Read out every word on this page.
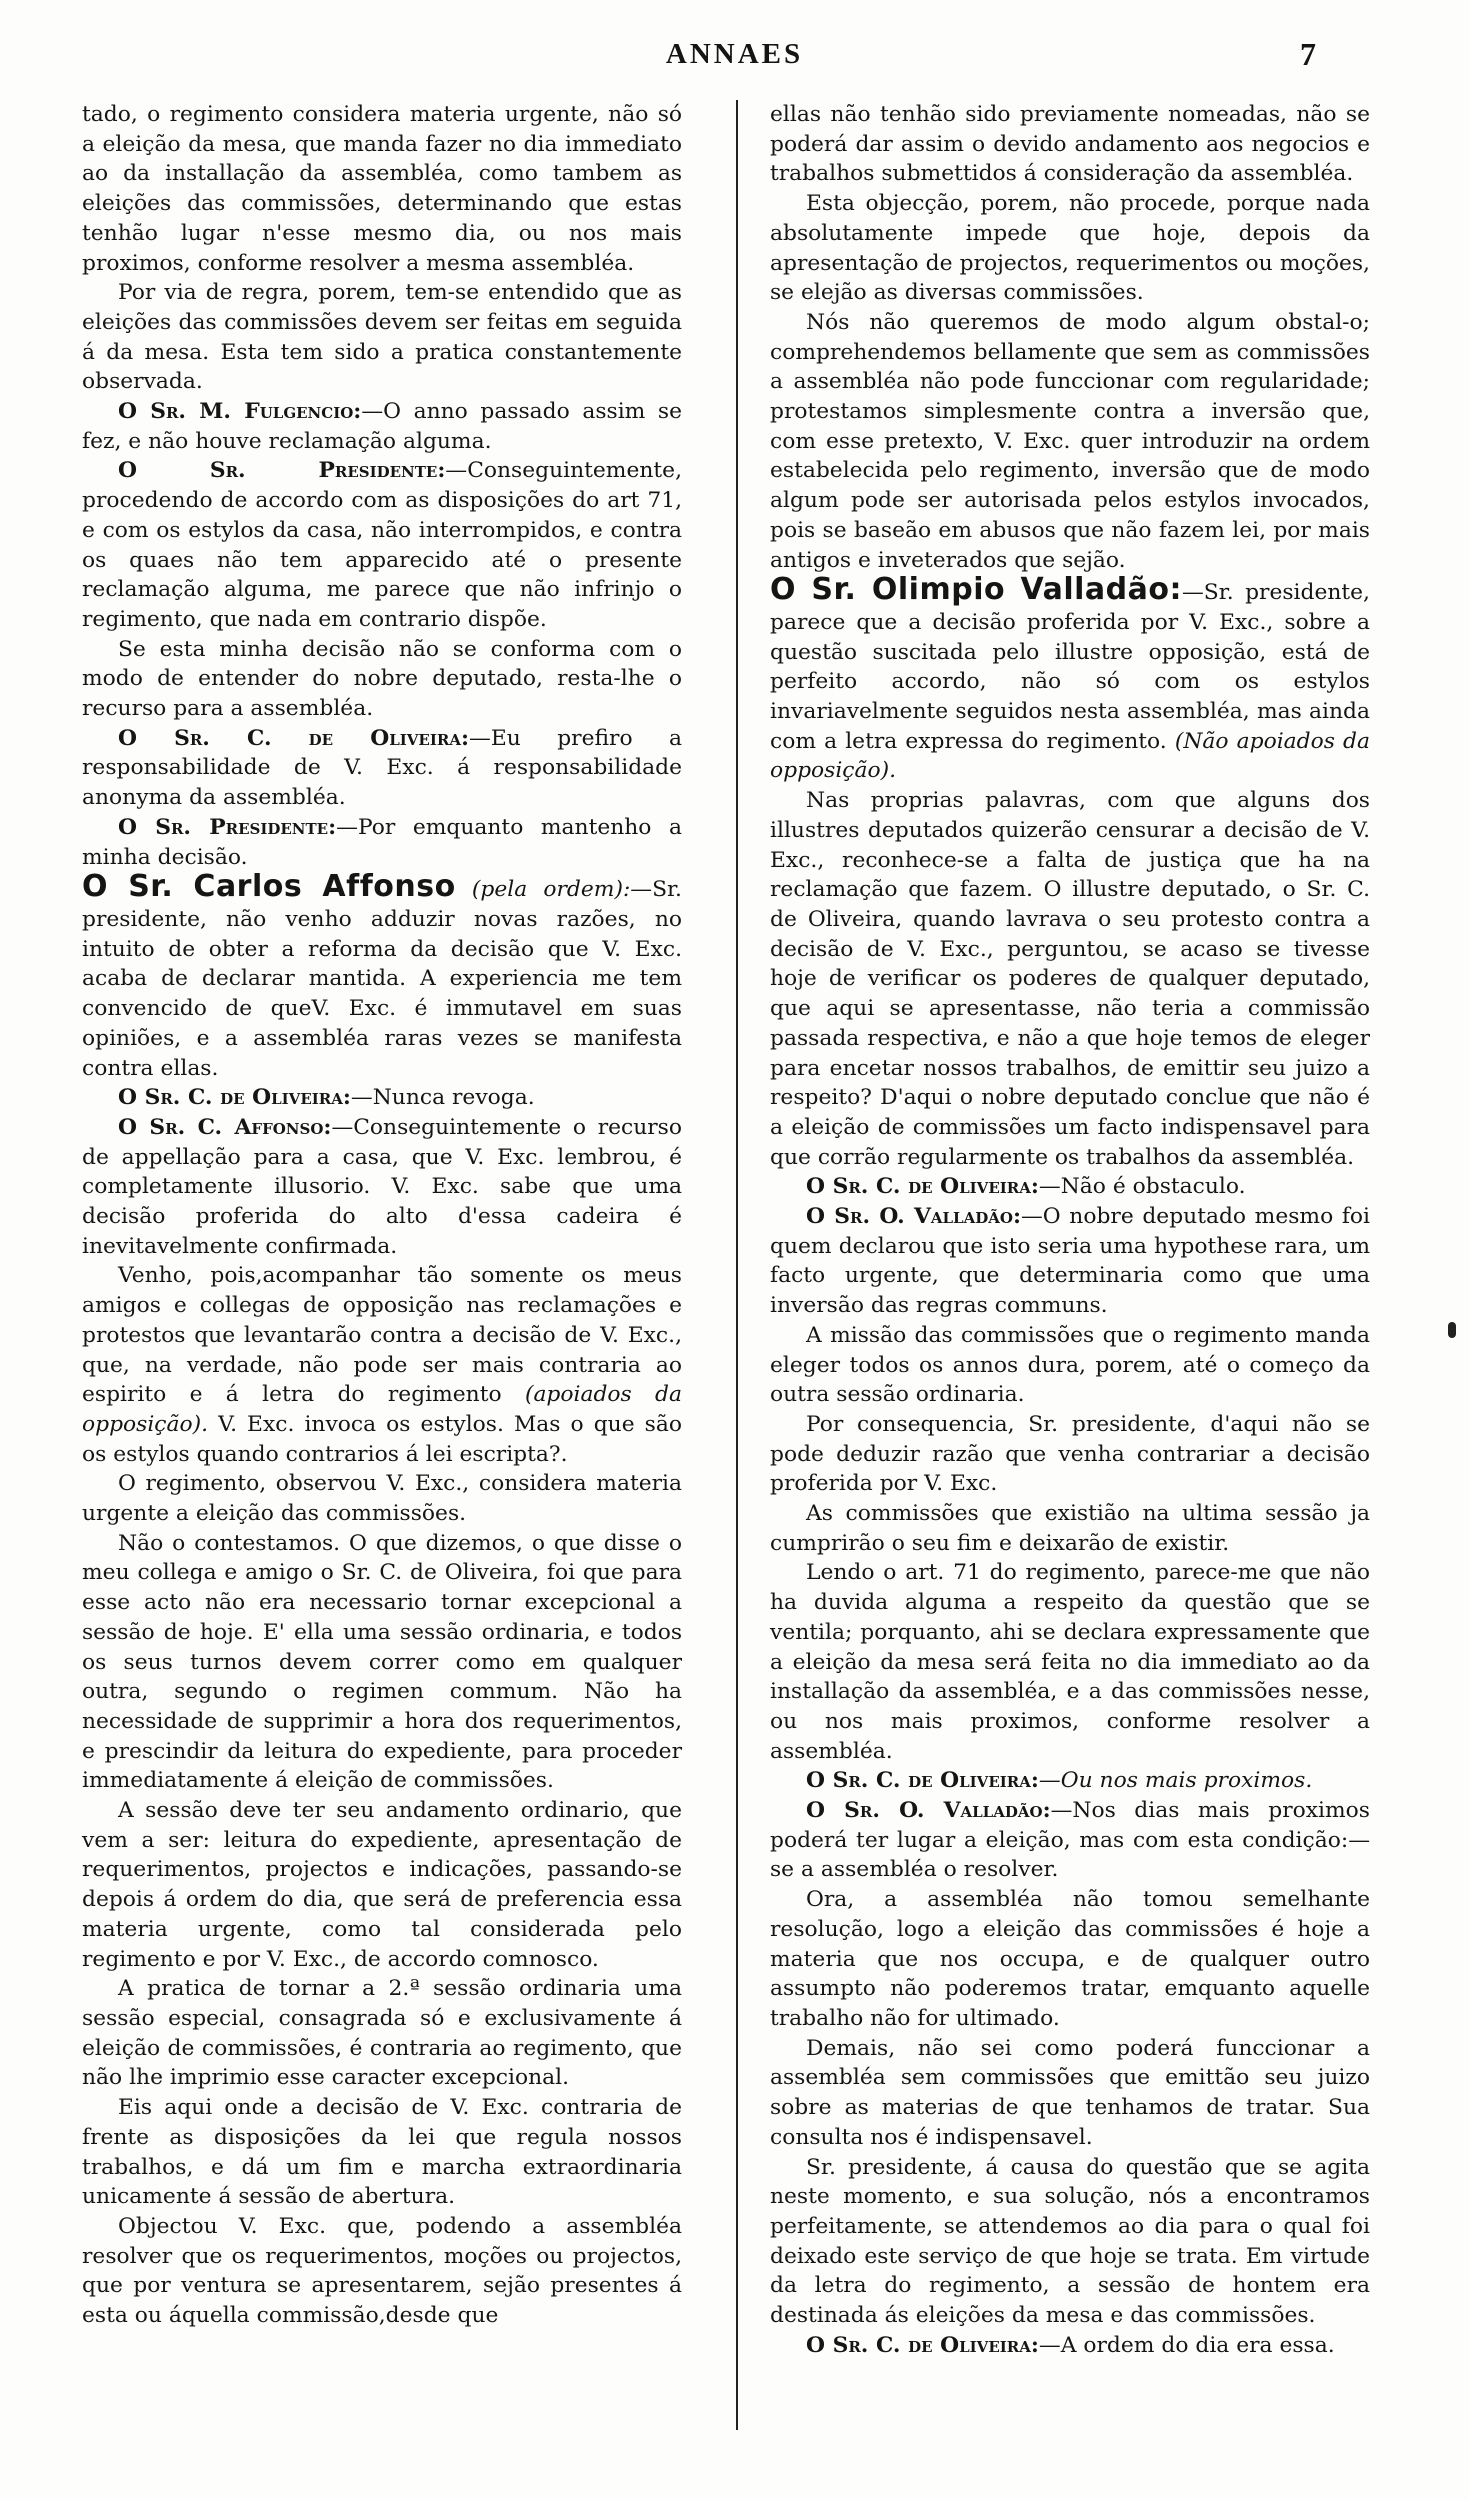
ANNAES	7

tado, o regimento considera materia urgente, não só a eleição da mesa, que manda fazer no dia immediato ao da installação da assembléa, como tambem as eleições das commissões, determinando que estas tenhão lugar n'esse mesmo dia, ou nos mais proximos, conforme resolver a mesma assembléa.

Por via de regra, porem, tem-se entendido que as eleições das commissões devem ser feitas em seguida á da mesa. Esta tem sido a pratica constantemente observada.

O Sr. M. Fulgencio:—O anno passado assim se fez, e não houve reclamação alguma.

O Sr. Presidente:—Conseguintemente, procedendo de accordo com as disposições do art 71, e com os estylos da casa, não interrompidos, e contra os quaes não tem apparecido até o presente reclamação alguma, me parece que não infrinjo o regimento, que nada em contrario dispõe.

Se esta minha decisão não se conforma com o modo de entender do nobre deputado, resta-lhe o recurso para a assembléa.

O Sr. C. de Oliveira:—Eu prefiro a responsabilidade de V. Exc. á responsabilidade anonyma da assembléa.

O Sr. Presidente:—Por emquanto mantenho a minha decisão.

O Sr. Carlos Affonso (pela ordem):—Sr. presidente, não venho adduzir novas razões, no intuito de obter a reforma da decisão que V. Exc. acaba de declarar mantida. A experiencia me tem convencido de queV. Exc. é immutavel em suas opiniões, e a assembléa raras vezes se manifesta contra ellas.

O Sr. C. de Oliveira:—Nunca revoga.

O Sr. C. Affonso:—Conseguintemente o recurso de appellação para a casa, que V. Exc. lembrou, é completamente illusorio. V. Exc. sabe que uma decisão proferida do alto d'essa cadeira é inevitavelmente confirmada.

Venho, pois,acompanhar tão somente os meus amigos e collegas de opposição nas reclamações e protestos que levantarão contra a decisão de V. Exc., que, na verdade, não pode ser mais contraria ao espirito e á letra do regimento (apoiados da opposição). V. Exc. invoca os estylos. Mas o que são os estylos quando contrarios á lei escripta?.

O regimento, observou V. Exc., considera materia urgente a eleição das commissões.

Não o contestamos. O que dizemos, o que disse o meu collega e amigo o Sr. C. de Oliveira, foi que para esse acto não era necessario tornar excepcional a sessão de hoje. E' ella uma sessão ordinaria, e todos os seus turnos devem correr como em qualquer outra, segundo o regimen commum. Não ha necessidade de supprimir a hora dos requerimentos, e prescindir da leitura do expediente, para proceder immediatamente á eleição de commissões.

A sessão deve ter seu andamento ordinario, que vem a ser: leitura do expediente, apresentação de requerimentos, projectos e indicações, passando-se depois á ordem do dia, que será de preferencia essa materia urgente, como tal considerada pelo regimento e por V. Exc., de accordo comnosco.

A pratica de tornar a 2.ª sessão ordinaria uma sessão especial, consagrada só e exclusivamente á eleição de commissões, é contraria ao regimento, que não lhe imprimio esse caracter excepcional.

Eis aqui onde a decisão de V. Exc. contraria de frente as disposições da lei que regula nossos trabalhos, e dá um fim e marcha extraordinaria unicamente á sessão de abertura.

Objectou V. Exc. que, podendo a assembléa resolver que os requerimentos, moções ou projectos, que por ventura se apresentarem, sejão presentes á esta ou áquella commissão,desde que

ellas não tenhão sido previamente nomeadas, não se poderá dar assim o devido andamento aos negocios e trabalhos submettidos á consideração da assembléa.

Esta objecção, porem, não procede, porque nada absolutamente impede que hoje, depois da apresentação de projectos, requerimentos ou moções, se elejão as diversas commissões.

Nós não queremos de modo algum obstal-o; comprehendemos bellamente que sem as commissões a assembléa não pode funccionar com regularidade; protestamos simplesmente contra a inversão que, com esse pretexto, V. Exc. quer introduzir na ordem estabelecida pelo regimento, inversão que de modo algum pode ser autorisada pelos estylos invocados, pois se baseão em abusos que não fazem lei, por mais antigos e inveterados que sejão.

O Sr. Olimpio Valladão:—Sr. presidente, parece que a decisão proferida por V. Exc., sobre a questão suscitada pelo illustre opposição, está de perfeito accordo, não só com os estylos invariavelmente seguidos nesta assembléa, mas ainda com a letra expressa do regimento. (Não apoiados da opposição).

Nas proprias palavras, com que alguns dos illustres deputados quizerão censurar a decisão de V. Exc., reconhece-se a falta de justiça que ha na reclamação que fazem. O illustre deputado, o Sr. C. de Oliveira, quando lavrava o seu protesto contra a decisão de V. Exc., perguntou, se acaso se tivesse hoje de verificar os poderes de qualquer deputado, que aqui se apresentasse, não teria a commissão passada respectiva, e não a que hoje temos de eleger para encetar nossos trabalhos, de emittir seu juizo a respeito? D'aqui o nobre deputado conclue que não é a eleição de commissões um facto indispensavel para que corrão regularmente os trabalhos da assembléa.

O Sr. C. de Oliveira:—Não é obstaculo.

O Sr. O. Valladão:—O nobre deputado mesmo foi quem declarou que isto seria uma hypothese rara, um facto urgente, que determinaria como que uma inversão das regras communs.

A missão das commissões que o regimento manda eleger todos os annos dura, porem, até o começo da outra sessão ordinaria.

Por consequencia, Sr. presidente, d'aqui não se pode deduzir razão que venha contrariar a decisão proferida por V. Exc.

As commissões que existião na ultima sessão ja cumprirão o seu fim e deixarão de existir.

Lendo o art. 71 do regimento, parece-me que não ha duvida alguma a respeito da questão que se ventila; porquanto, ahi se declara expressamente que a eleição da mesa será feita no dia immediato ao da installação da assembléa, e a das commissões nesse, ou nos mais proximos, conforme resolver a assembléa.

O Sr. C. de Oliveira:—Ou nos mais proximos.

O Sr. O. Valladão:—Nos dias mais proximos poderá ter lugar a eleição, mas com esta condição:—se a assembléa o resolver.

Ora, a assembléa não tomou semelhante resolução, logo a eleição das commissões é hoje a materia que nos occupa, e de qualquer outro assumpto não poderemos tratar, emquanto aquelle trabalho não for ultimado.

Demais, não sei como poderá funccionar a assembléa sem commissões que emittão seu juizo sobre as materias de que tenhamos de tratar. Sua consulta nos é indispensavel.

Sr. presidente, á causa do questão que se agita neste momento, e sua solução, nós a encontramos perfeitamente, se attendemos ao dia para o qual foi deixado este serviço de que hoje se trata. Em virtude da letra do regimento, a sessão de hontem era destinada ás eleições da mesa e das commissões.

O Sr. C. de Oliveira:—A ordem do dia era essa.
